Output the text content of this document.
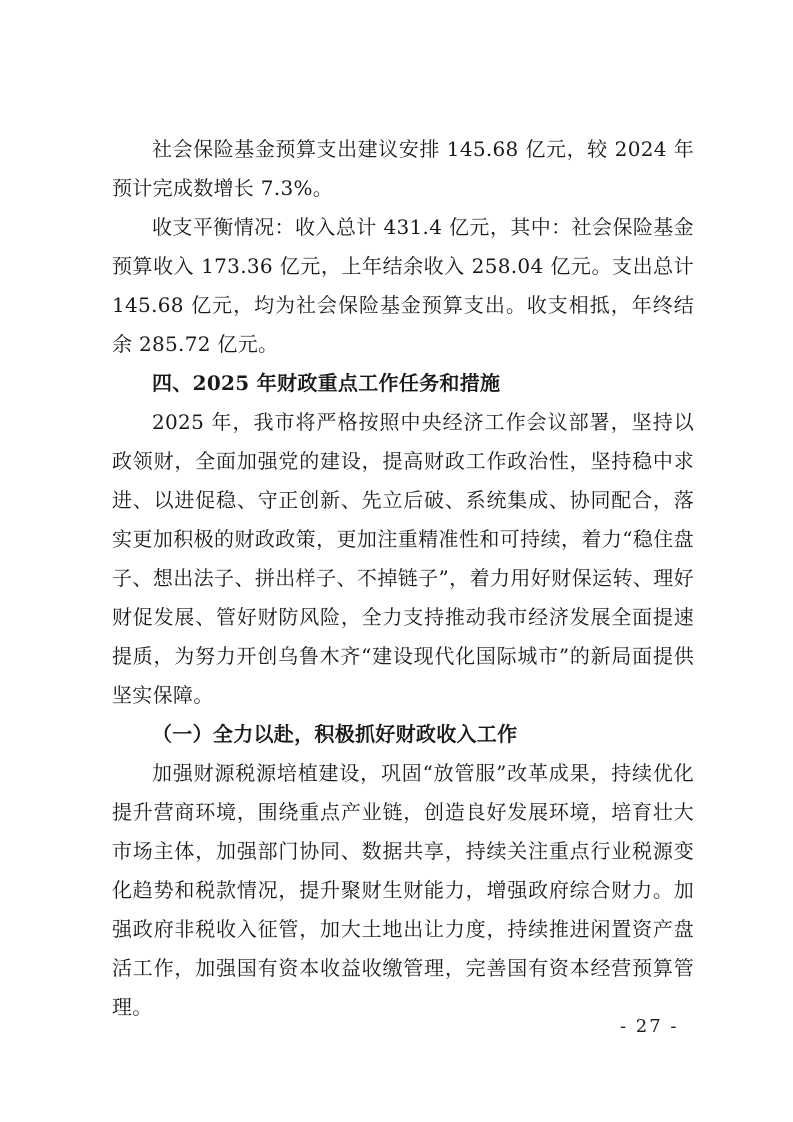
社会保险基金预算支出建议安排 145.68 亿元，较 2024 年预计完成数增长 7.3%。

收支平衡情况：收入总计 431.4 亿元，其中：社会保险基金预算收入 173.36 亿元，上年结余收入 258.04 亿元。支出总计 145.68 亿元，均为社会保险基金预算支出。收支相抵，年终结余 285.72 亿元。

四、2025 年财政重点工作任务和措施

2025 年，我市将严格按照中央经济工作会议部署，坚持以政领财，全面加强党的建设，提高财政工作政治性，坚持稳中求进、以进促稳、守正创新、先立后破、系统集成、协同配合，落实更加积极的财政政策，更加注重精准性和可持续，着力“稳住盘子、想出法子、拼出样子、不掉链子”，着力用好财保运转、理好财促发展、管好财防风险，全力支持推动我市经济发展全面提速提质，为努力开创乌鲁木齐“建设现代化国际城市”的新局面提供坚实保障。

（一）全力以赴，积极抓好财政收入工作

加强财源税源培植建设，巩固“放管服”改革成果，持续优化提升营商环境，围绕重点产业链，创造良好发展环境，培育壮大市场主体，加强部门协同、数据共享，持续关注重点行业税源变化趋势和税款情况，提升聚财生财能力，增强政府综合财力。加强政府非税收入征管，加大土地出让力度，持续推进闲置资产盘活工作，加强国有资本收益收缴管理，完善国有资本经营预算管理。

- 27 -
